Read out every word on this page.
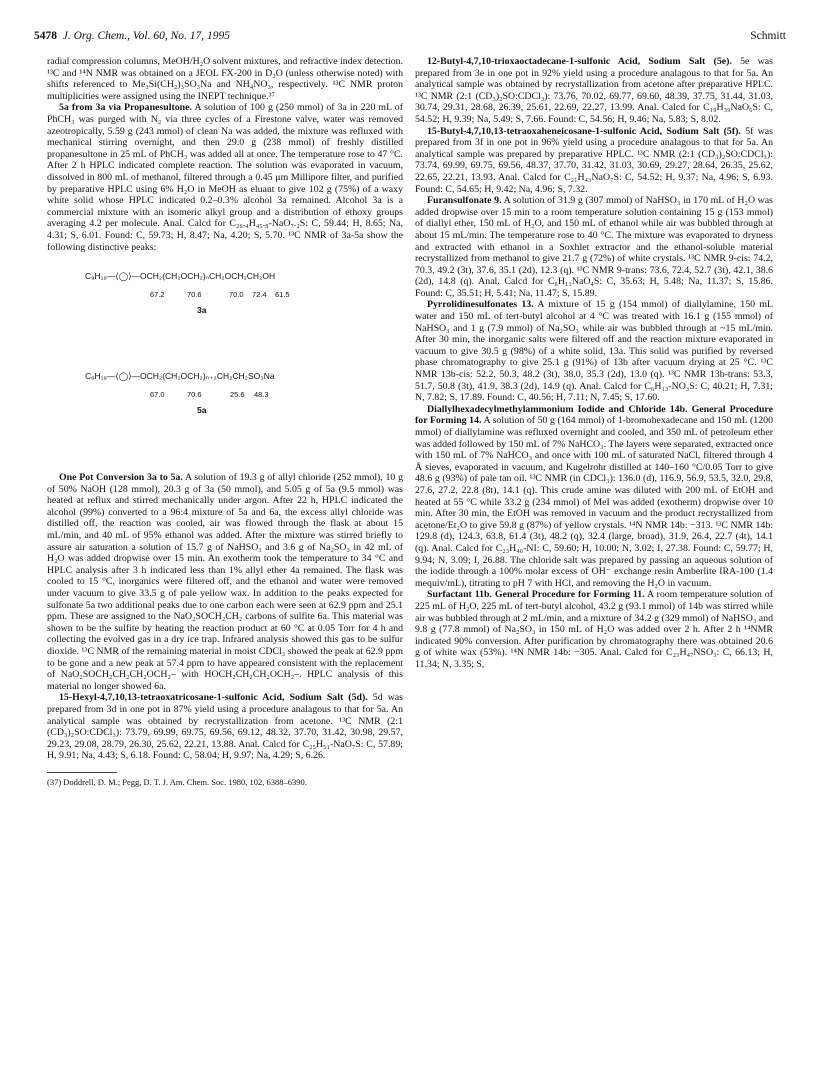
5478 J. Org. Chem., Vol. 60, No. 17, 1995	Schmitt

radial compression columns, MeOH/H₂O solvent mixtures, and refractive index detection. ¹³C and ¹⁴N NMR was obtained on a JEOL FX-200 in D₂O (unless otherwise noted) with shifts referenced to Me₃Si(CH₂)₃SO₃Na and NH₄NO₃, respectively. ¹³C NMR proton multiplicities were assigned using the INEPT technique.³⁷

5a from 3a via Propanesultone. A solution of 100 g (250 mmol) of 3a in 220 mL of PhCH₃ was purged with N₂ via three cycles of a Firestone valve, water was removed azeotropically, 5.59 g (243 mmol) of clean Na was added, the mixture was refluxed with mechanical stirring overnight, and then 29.0 g (238 mmol) of freshly distilled propanesultone in 25 mL of PhCH₃ was added all at once. The temperature rose to 47 °C. After 2 h HPLC indicated complete reaction. The solution was evaporated in vacuum, dissolved in 800 mL of methanol, filtered through a 0.45 μm Millipore filter, and purified by preparative HPLC using 6% H₂O in MeOH as eluant to give 102 g (75%) of a waxy white solid whose HPLC indicated 0.2–0.3% alcohol 3a remained. Alcohol 3a is a commercial mixture with an isomeric alkyl group and a distribution of ethoxy groups averaging 4.2 per molecule. Anal. Calcd for C₂₆.₄H₄₅.₈-NaO₇.₂S: C, 59.44; H, 8.65; Na, 4.31; S, 6.01. Found: C, 59.73; H, 8.47; Na, 4.20; S, 5.70. ¹³C NMR of 3a-5a show the following distinctive peaks:

C₉H₁₉—⟨◯⟩—OCH₂(CH₂OCH₂)ₙCH₂OCH₂CH₂OH
67.2	70.6	70.0 72.4 61.5
3a
C₉H₁₉—⟨◯⟩—OCH₂(CH₂OCH₂)ₙ₊₂CH₂CH₂SO₃Na
67.0	70.6	25.6 48.3
5a

One Pot Conversion 3a to 5a. A solution of 19.3 g of allyl chloride (252 mmol), 10 g of 50% NaOH (128 mmol), 20.3 g of 3a (50 mmol), and 5.05 g of 5a (9.5 mmol) was heated at reflux and stirred mechanically under argon. After 22 h, HPLC indicated the alcohol (99%) converted to a 96:4 mixture of 5a and 6a, the excess allyl chloride was distilled off, the reaction was cooled, air was flowed through the flask at about 15 mL/min, and 40 mL of 95% ethanol was added. After the mixture was stirred briefly to assure air saturation a solution of 15.7 g of NaHSO₃ and 3.6 g of Na₂SO₃ in 42 mL of H₂O was added dropwise over 15 min. An exotherm took the temperature to 34 °C and HPLC analysis after 3 h indicated less than 1% allyl ether 4a remained. The flask was cooled to 15 °C, inorganics were filtered off, and the ethanol and water were removed under vacuum to give 33.5 g of pale yellow wax. In addition to the peaks expected for sulfonate 5a two additional peaks due to one carbon each were seen at 62.9 ppm and 25.1 ppm. These are assigned to the NaO₂SOCH₂CH₂ carbons of sulfite 6a. This material was shown to be the sulfite by heating the reaction product at 60 °C at 0.05 Torr for 4 h and collecting the evolved gas in a dry ice trap. Infrared analysis showed this gas to be sulfur dioxide. ¹³C NMR of the remaining material in moist CDCl₃ showed the peak at 62.9 ppm to be gone and a new peak at 57.4 ppm to have appeared consistent with the replacement of NaO₂SOCH₂CH₂CH₂OCH₂– with HOCH₂CH₂CH₂OCH₂–. HPLC analysis of this material no longer showed 6a.

15-Hexyl-4,7,10,13-tetraoxatricosane-1-sulfonic Acid, Sodium Salt (5d). 5d was prepared from 3d in one pot in 87% yield using a procedure analagous to that for 5a. An analytical sample was obtained by recrystallization from acetone. ¹³C NMR (2:1 (CD₃)₂SO:CDCl₃): 73.79, 69.99, 69.75, 69.56, 69.12, 48.32, 37.70, 31.42, 30.98, 29.57, 29.23, 29.08, 28.79, 26.30, 25.62, 22.21, 13.88. Anal. Calcd for C₂₅H₅₁-NaO₇S: C, 57.89; H, 9.91; Na, 4.43; S, 6.18. Found: C, 58.04; H, 9.97; Na, 4.29; S, 6.26.

(37) Doddrell, D. M.; Pegg, D. T. J. Am. Chem. Soc. 1980, 102, 6388–6390.

12-Butyl-4,7,10-trioxaoctadecane-1-sulfonic Acid, Sodium Salt (5e). 5e was prepared from 3e in one pot in 92% yield using a procedure analagous to that for 5a. An analytical sample was obtained by recrystallization from acetone after preparative HPLC. ¹³C NMR (2:1 (CD₃)₂SO:CDCl₃): 73.76, 70.02, 69.77, 69.60, 48.39, 37.75, 31.44, 31.03, 30.74, 29.31, 28.68, 26.39, 25.61, 22.69, 22.27, 13.99. Anal. Calcd for C₁₉H₃₉NaO₆S: C, 54.52; H, 9.39; Na, 5.49; S, 7.66. Found: C, 54.56; H, 9.46; Na, 5.83; S, 8.02.

15-Butyl-4,7,10,13-tetraoxaheneicosane-1-sulfonic Acid, Sodium Salt (5f). 5f was prepared from 3f in one pot in 96% yield using a procedure analagous to that for 5a. An analytical sample was prepared by preparative HPLC. ¹³C NMR (2:1 (CD₃)₂SO:CDCl₃): 73.74, 69.99, 69.75, 69.56, 48.37, 37.70, 31.42, 31.03, 30.69, 29.27, 28.64, 26.35, 25.62, 22.65, 22.21, 13.93. Anal. Calcd for C₂₁H₄₃NaO₇S: C, 54.52; H, 9.37; Na, 4.96; S, 6.93. Found: C, 54.65; H, 9.42; Na, 4.96; S, 7.32.

Furansulfonate 9. A solution of 31.9 g (307 mmol) of NaHSO₃ in 170 mL of H₂O was added dropwise over 15 min to a room temperature solution containing 15 g (153 mmol) of diallyl ether, 150 mL of H₂O, and 150 mL of ethanol while air was bubbled through at about 15 mL/min. The temperature rose to 40 °C. The mixture was evaporated to dryness and extracted with ethanol in a Soxhlet extractor and the ethanol-soluble material recrystallized from methanol to give 21.7 g (72%) of white crystals. ¹³C NMR 9-cis: 74.2, 70.3, 49.2 (3t), 37.6, 35.1 (2d), 12.3 (q). ¹³C NMR 9-trans: 73.6, 72.4, 52.7 (3t), 42.1, 38.6 (2d), 14.8 (q). Anal. Calcd for C₆H₁₁NaO₄S: C, 35.63; H, 5.48; Na, 11.37; S, 15.86. Found: C, 35.51; H, 5.41; Na, 11.47; S, 15.89.

Pyrrolidinesulfonates 13. A mixture of 15 g (154 mmol) of diallylamine, 150 mL water and 150 mL of tert-butyl alcohol at 4 °C was treated with 16.1 g (155 mmol) of NaHSO₃ and 1 g (7.9 mmol) of Na₂SO₃ while air was bubbled through at ~15 mL/min. After 30 min, the inorganic salts were filtered off and the reaction mixture evaporated in vacuum to give 30.5 g (98%) of a white solid, 13a. This solid was purified by reversed phase chromatography to give 25.1 g (91%) of 13b after vacuum drying at 25 °C. ¹³C NMR 13b-cis: 52.2, 50.3, 48.2 (3t), 38.0, 35.3 (2d), 13.0 (q). ¹³C NMR 13b-trans: 53.3, 51.7, 50.8 (3t), 41.9, 38.3 (2d), 14.9 (q). Anal. Calcd for C₆H₁₃-NO₃S: C, 40.21; H, 7.31; N, 7.82; S, 17.89. Found: C, 40.56; H, 7.11; N, 7.45; S, 17.60.

Diallylhexadecylmethylammonium Iodide and Chloride 14b. General Procedure for Forming 14. A solution of 50 g (164 mmol) of 1-bromohexadecane and 150 mL (1200 mmol) of diallylamine was refluxed overnight and cooled, and 350 mL of petroleum ether was added followed by 150 mL of 7% NaHCO₃. The layers were separated, extracted once with 150 mL of 7% NaHCO₃ and once with 100 mL of saturated NaCl, filtered through 4 Å sieves, evaporated in vacuum, and Kugelrohr distilled at 140–160 °C/0.05 Torr to give 48.6 g (93%) of pale tan oil. ¹³C NMR (in CDCl₃): 136.0 (d), 116.9, 56.9, 53.5, 32.0, 29.8, 27.6, 27.2, 22.8 (8t), 14.1 (q). This crude amine was diluted with 200 mL of EtOH and heated at 55 °C while 33.2 g (234 mmol) of MeI was added (exotherm) dropwise over 10 min. After 30 min, the EtOH was removed in vacuum and the product recrystallized from acetone/Et₂O to give 59.8 g (87%) of yellow crystals. ¹⁴N NMR 14b: −313. ¹³C NMR 14b: 129.8 (d), 124.3, 63.8, 61.4 (3t), 48.2 (q), 32.4 (large, broad), 31.9, 26.4, 22.7 (4t), 14.1 (q). Anal. Calcd for C₂₃H₄₆-NI: C, 59.60; H, 10.00; N, 3.02; I, 27.38. Found: C, 59.77; H, 9.94; N, 3.09; I, 26.88. The chloride salt was prepared by passing an aqueous solution of the iodide through a 100% molar excess of OH⁻ exchange resin Amberlite IRA-100 (1.4 mequiv/mL), titrating to pH 7 with HCl, and removing the H₂O in vacuum.

Surfactant 11b. General Procedure for Forming 11. A room temperature solution of 225 mL of H₂O, 225 mL of tert-butyl alcohol, 43.2 g (93.1 mmol) of 14b was stirred while air was bubbled through at 2 mL/min, and a mixture of 34.2 g (329 mmol) of NaHSO₃ and 9.8 g (77.8 mmol) of Na₂SO₃ in 150 mL of H₂O was added over 2 h. After 2 h ¹⁴NMR indicated 90% conversion. After purification by chromatography there was obtained 20.6 g of white wax (53%). ¹⁴N NMR 14b: −305. Anal. Calcd for C₂₃H₄₇NSO₃: C, 66.13; H, 11.34; N, 3.35; S,
